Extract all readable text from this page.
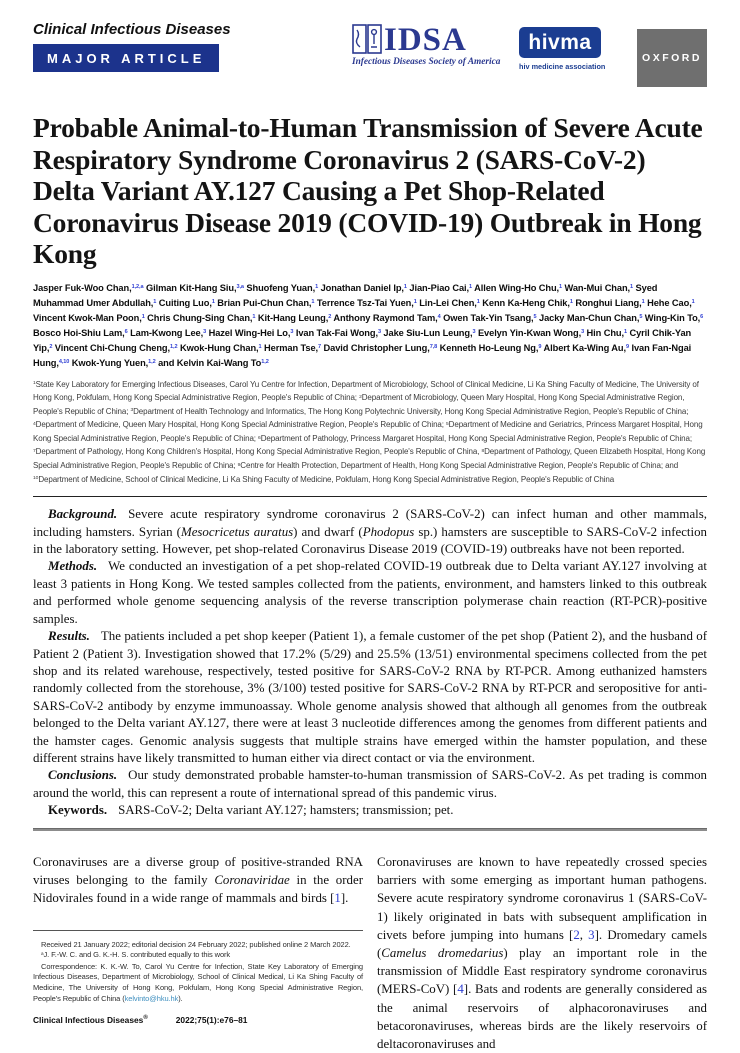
Clinical Infectious Diseases
MAJOR ARTICLE
IDSA
Infectious Diseases Society of America
hivma
hiv medicine association
OXFORD
Probable Animal-to-Human Transmission of Severe Acute Respiratory Syndrome Coronavirus 2 (SARS-CoV-2) Delta Variant AY.127 Causing a Pet Shop-Related Coronavirus Disease 2019 (COVID-19) Outbreak in Hong Kong
Jasper Fuk-Woo Chan,$^{1,2,a}$ Gilman Kit-Hang Siu,$^{3,a}$ Shuofeng Yuan,$^1$ Jonathan Daniel Ip,$^1$ Jian-Piao Cai,$^1$ Allen Wing-Ho Chu,$^1$ Wan-Mui Chan,$^1$ Syed Muhammad Umer Abdullah,$^1$ Cuiting Luo,$^1$ Brian Pui-Chun Chan,$^1$ Terrence Tsz-Tai Yuen,$^1$ Lin-Lei Chen,$^1$ Kenn Ka-Heng Chik,$^1$ Ronghui Liang,$^1$ Hehe Cao,$^1$ Vincent Kwok-Man Poon,$^1$ Chris Chung-Sing Chan,$^1$ Kit-Hang Leung,$^2$ Anthony Raymond Tam,$^4$ Owen Tak-Yin Tsang,$^5$ Jacky Man-Chun Chan,$^5$ Wing-Kin To,$^6$ Bosco Hoi-Shiu Lam,$^6$ Lam-Kwong Lee,$^3$ Hazel Wing-Hei Lo,$^3$ Ivan Tak-Fai Wong,$^3$ Jake Siu-Lun Leung,$^3$ Evelyn Yin-Kwan Wong,$^3$ Hin Chu,$^1$ Cyril Chik-Yan Yip,$^2$ Vincent Chi-Chung Cheng,$^{1,2}$ Kwok-Hung Chan,$^1$ Herman Tse,$^7$ David Christopher Lung,$^{7,8}$ Kenneth Ho-Leung Ng,$^9$ Albert Ka-Wing Au,$^9$ Ivan Fan-Ngai Hung,$^{4,10}$ Kwok-Yung Yuen,$^{1,2}$ and Kelvin Kai-Wang To$^{1,2}$
$^1$State Key Laboratory for Emerging Infectious Diseases, Carol Yu Centre for Infection, Department of Microbiology, School of Clinical Medicine, Li Ka Shing Faculty of Medicine, The University of Hong Kong, Pokfulam, Hong Kong Special Administrative Region, People's Republic of China; $^2$Department of Microbiology, Queen Mary Hospital, Hong Kong Special Administrative Region, People's Republic of China; $^3$Department of Health Technology and Informatics, The Hong Kong Polytechnic University, Hong Kong Special Administrative Region, People's Republic of China; $^4$Department of Medicine, Queen Mary Hospital, Hong Kong Special Administrative Region, People's Republic of China; $^5$Department of Medicine and Geriatrics, Princess Margaret Hospital, Hong Kong Special Administrative Region, People's Republic of China; $^6$Department of Pathology, Princess Margaret Hospital, Hong Kong Special Administrative Region, People's Republic of China; $^7$Department of Pathology, Hong Kong Children's Hospital, Hong Kong Special Administrative Region, People's Republic of China, $^8$Department of Pathology, Queen Elizabeth Hospital, Hong Kong Special Administrative Region, People's Republic of China; $^9$Centre for Health Protection, Department of Health, Hong Kong Special Administrative Region, People's Republic of China; and $^{10}$Department of Medicine, School of Clinical Medicine, Li Ka Shing Faculty of Medicine, Pokfulam, Hong Kong Special Administrative Region, People's Republic of China

Background. Severe acute respiratory syndrome coronavirus 2 (SARS-CoV-2) can infect human and other mammals, including hamsters. Syrian (Mesocricetus auratus) and dwarf (Phodopus sp.) hamsters are susceptible to SARS-CoV-2 infection in the laboratory setting. However, pet shop-related Coronavirus Disease 2019 (COVID-19) outbreaks have not been reported.

Methods. We conducted an investigation of a pet shop-related COVID-19 outbreak due to Delta variant AY.127 involving at least 3 patients in Hong Kong. We tested samples collected from the patients, environment, and hamsters linked to this outbreak and performed whole genome sequencing analysis of the reverse transcription polymerase chain reaction (RT-PCR)-positive samples.

Results. The patients included a pet shop keeper (Patient 1), a female customer of the pet shop (Patient 2), and the husband of Patient 2 (Patient 3). Investigation showed that 17.2% (5/29) and 25.5% (13/51) environmental specimens collected from the pet shop and its related warehouse, respectively, tested positive for SARS-CoV-2 RNA by RT-PCR. Among euthanized hamsters randomly collected from the storehouse, 3% (3/100) tested positive for SARS-CoV-2 RNA by RT-PCR and seropositive for anti-SARS-CoV-2 antibody by enzyme immunoassay. Whole genome analysis showed that although all genomes from the outbreak belonged to the Delta variant AY.127, there were at least 3 nucleotide differences among the genomes from different patients and the hamster cages. Genomic analysis suggests that multiple strains have emerged within the hamster population, and these different strains have likely transmitted to human either via direct contact or via the environment.

Conclusions. Our study demonstrated probable hamster-to-human transmission of SARS-CoV-2. As pet trading is common around the world, this can represent a route of international spread of this pandemic virus.

Keywords. SARS-CoV-2; Delta variant AY.127; hamsters; transmission; pet.

Coronaviruses are a diverse group of positive-stranded RNA viruses belonging to the family Coronaviridae in the order Nidovirales found in a wide range of mammals and birds [1].

Received 21 January 2022; editorial decision 24 February 2022; published online 2 March 2022.

$^a$J. F.-W. C. and G. K.-H. S. contributed equally to this work

Correspondence: K. K.-W. To, Carol Yu Centre for Infection, State Key Laboratory of Emerging Infectious Diseases, Department of Microbiology, School of Clinical Medical, Li Ka Shing Faculty of Medicine, The University of Hong Kong, Pokfulam, Hong Kong Special Administrative Region, People's Republic of China (kelvinto@hku.hk).

Clinical Infectious Diseases ®	2022;75(1):e76–81

Coronaviruses are known to have repeatedly crossed species barriers with some emerging as important human pathogens. Severe acute respiratory syndrome coronavirus 1 (SARS-CoV-1) likely originated in bats with subsequent amplification in civets before jumping into humans [2, 3]. Dromedary camels (Camelus dromedarius) play an important role in the transmission of Middle East respiratory syndrome coronavirus (MERS-CoV) [4]. Bats and rodents are generally considered as the animal reservoirs of alphacoronaviruses and betacoronaviruses, whereas birds are the likely reservoirs of deltacoronaviruses and
